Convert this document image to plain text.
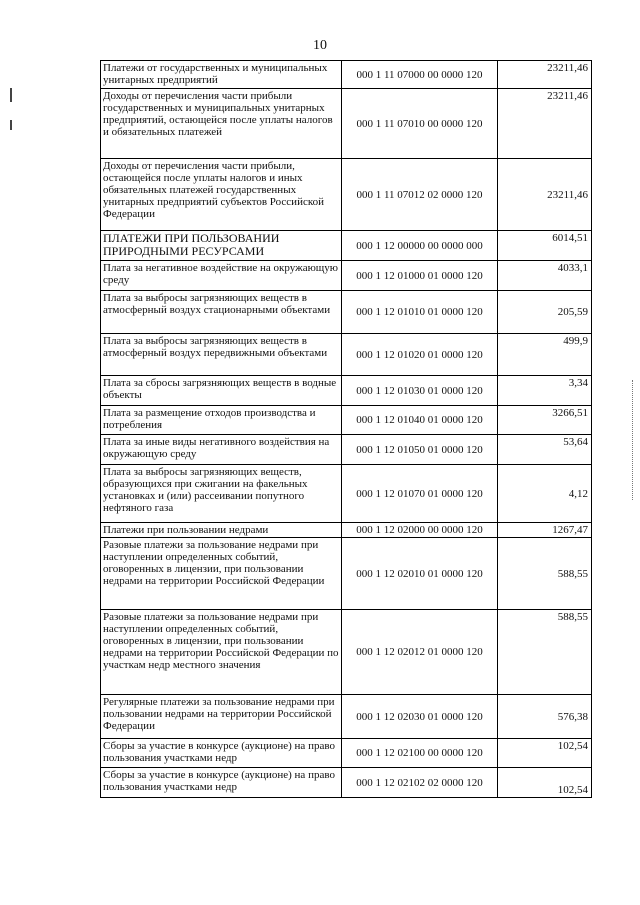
10
Платежи от государственных и муниципальных унитарных предприятий	000 1 11 07000 00 0000 120	23211,46
Доходы от перечисления части прибыли государственных и муниципальных унитарных предприятий, остающейся после уплаты налогов и обязательных платежей	000 1 11 07010 00 0000 120	23211,46
Доходы от перечисления части прибыли, остающейся после уплаты налогов и иных обязательных платежей государственных унитарных предприятий субъектов Российской Федерации	000 1 11 07012 02 0000 120	23211,46
ПЛАТЕЖИ ПРИ ПОЛЬЗОВАНИИ ПРИРОДНЫМИ РЕСУРСАМИ	000 1 12 00000 00 0000 000	6014,51
Плата за негативное воздействие на окружающую среду	000 1 12 01000 01 0000 120	4033,1
Плата за выбросы загрязняющих веществ в атмосферный воздух стационарными объектами	000 1 12 01010 01 0000 120	205,59
Плата за выбросы загрязняющих веществ в атмосферный воздух передвижными объектами	000 1 12 01020 01 0000 120	499,9
Плата за сбросы загрязняющих веществ в водные объекты	000 1 12 01030 01 0000 120	3,34
Плата за размещение отходов производства и потребления	000 1 12 01040 01 0000 120	3266,51
Плата за иные виды негативного воздействия на окружающую среду	000 1 12 01050 01 0000 120	53,64
Плата за выбросы загрязняющих веществ, образующихся при сжигании на факельных установках и (или) рассеивании попутного нефтяного газа	000 1 12 01070 01 0000 120	4,12
Платежи при пользовании недрами	000 1 12 02000 00 0000 120	1267,47
Разовые платежи за пользование недрами при наступлении определенных событий, оговоренных в лицензии, при пользовании недрами на территории Российской Федерации	000 1 12 02010 01 0000 120	588,55
Разовые платежи за пользование недрами при наступлении определенных событий, оговоренных в лицензии, при пользовании недрами на территории Российской Федерации по участкам недр местного значения	000 1 12 02012 01 0000 120	588,55
Регулярные платежи за пользование недрами при пользовании недрами на территории Российской Федерации	000 1 12 02030 01 0000 120	576,38
Сборы за участие в конкурсе (аукционе) на право пользования участками недр	000 1 12 02100 00 0000 120	102,54
Сборы за участие в конкурсе (аукционе) на право пользования участками недр	000 1 12 02102 02 0000 120	102,54
